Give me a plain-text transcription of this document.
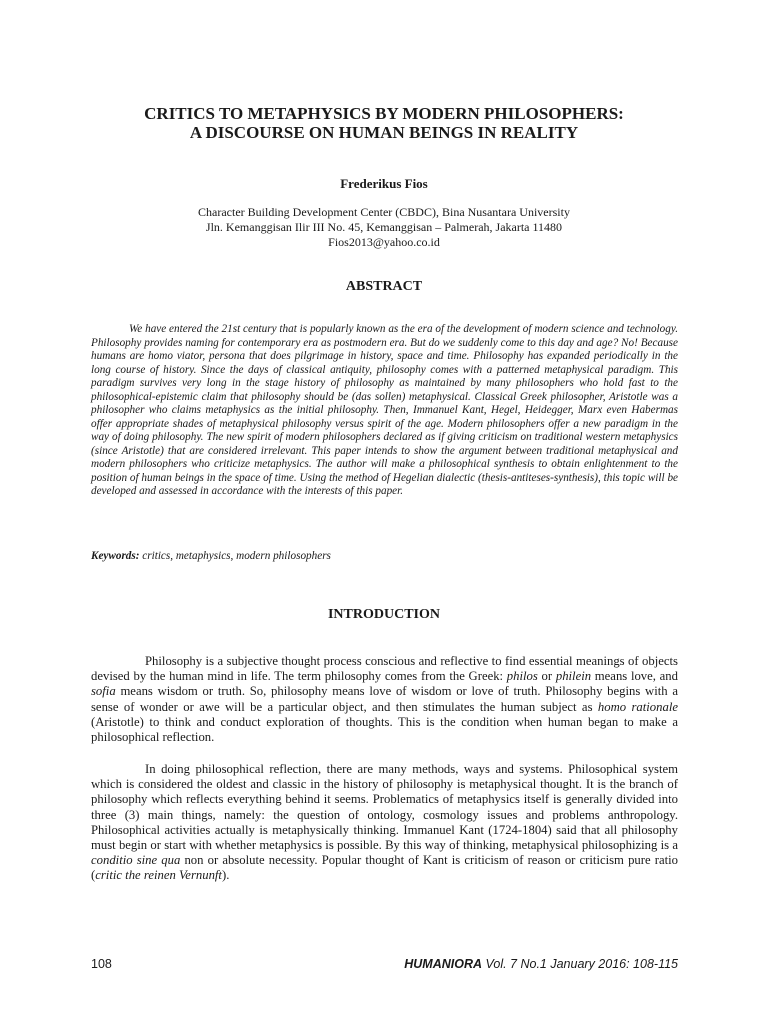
CRITICS TO METAPHYSICS BY MODERN PHILOSOPHERS:
A DISCOURSE ON HUMAN BEINGS IN REALITY
Frederikus Fios
Character Building Development Center (CBDC), Bina Nusantara University
Jln. Kemanggisan Ilir III No. 45, Kemanggisan – Palmerah, Jakarta 11480
Fios2013@yahoo.co.id
ABSTRACT
We have entered the 21st century that is popularly known as the era of the development of modern science and technology. Philosophy provides naming for contemporary era as postmodern era. But do we suddenly come to this day and age? No! Because humans are homo viator, persona that does pilgrimage in history, space and time. Philosophy has expanded periodically in the long course of history. Since the days of classical antiquity, philosophy comes with a patterned metaphysical paradigm. This paradigm survives very long in the stage history of philosophy as maintained by many philosophers who hold fast to the philosophical-epistemic claim that philosophy should be (das sollen) metaphysical. Classical Greek philosopher, Aristotle was a philosopher who claims metaphysics as the initial philosophy. Then, Immanuel Kant, Hegel, Heidegger, Marx even Habermas offer appropriate shades of metaphysical philosophy versus spirit of the age. Modern philosophers offer a new paradigm in the way of doing philosophy. The new spirit of modern philosophers declared as if giving criticism on traditional western metaphysics (since Aristotle) that are considered irrelevant. This paper intends to show the argument between traditional metaphysical and modern philosophers who criticize metaphysics. The author will make a philosophical synthesis to obtain enlightenment to the position of human beings in the space of time. Using the method of Hegelian dialectic (thesis-antiteses-synthesis), this topic will be developed and assessed in accordance with the interests of this paper.
Keywords: critics, metaphysics, modern philosophers
INTRODUCTION
Philosophy is a subjective thought process conscious and reflective to find essential meanings of objects devised by the human mind in life. The term philosophy comes from the Greek: philos or philein means love, and sofia means wisdom or truth. So, philosophy means love of wisdom or love of truth. Philosophy begins with a sense of wonder or awe will be a particular object, and then stimulates the human subject as homo rationale (Aristotle) to think and conduct exploration of thoughts. This is the condition when human began to make a philosophical reflection.
In doing philosophical reflection, there are many methods, ways and systems. Philosophical system which is considered the oldest and classic in the history of philosophy is metaphysical thought. It is the branch of philosophy which reflects everything behind it seems. Problematics of metaphysics itself is generally divided into three (3) main things, namely: the question of ontology, cosmology issues and problems anthropology. Philosophical activities actually is metaphysically thinking. Immanuel Kant (1724-1804) said that all philosophy must begin or start with whether metaphysics is possible. By this way of thinking, metaphysical philosophizing is a conditio sine qua non or absolute necessity. Popular thought of Kant is criticism of reason or criticism pure ratio (critic the reinen Vernunft).
108	HUMANIORA Vol. 7 No.1 January 2016: 108-115
